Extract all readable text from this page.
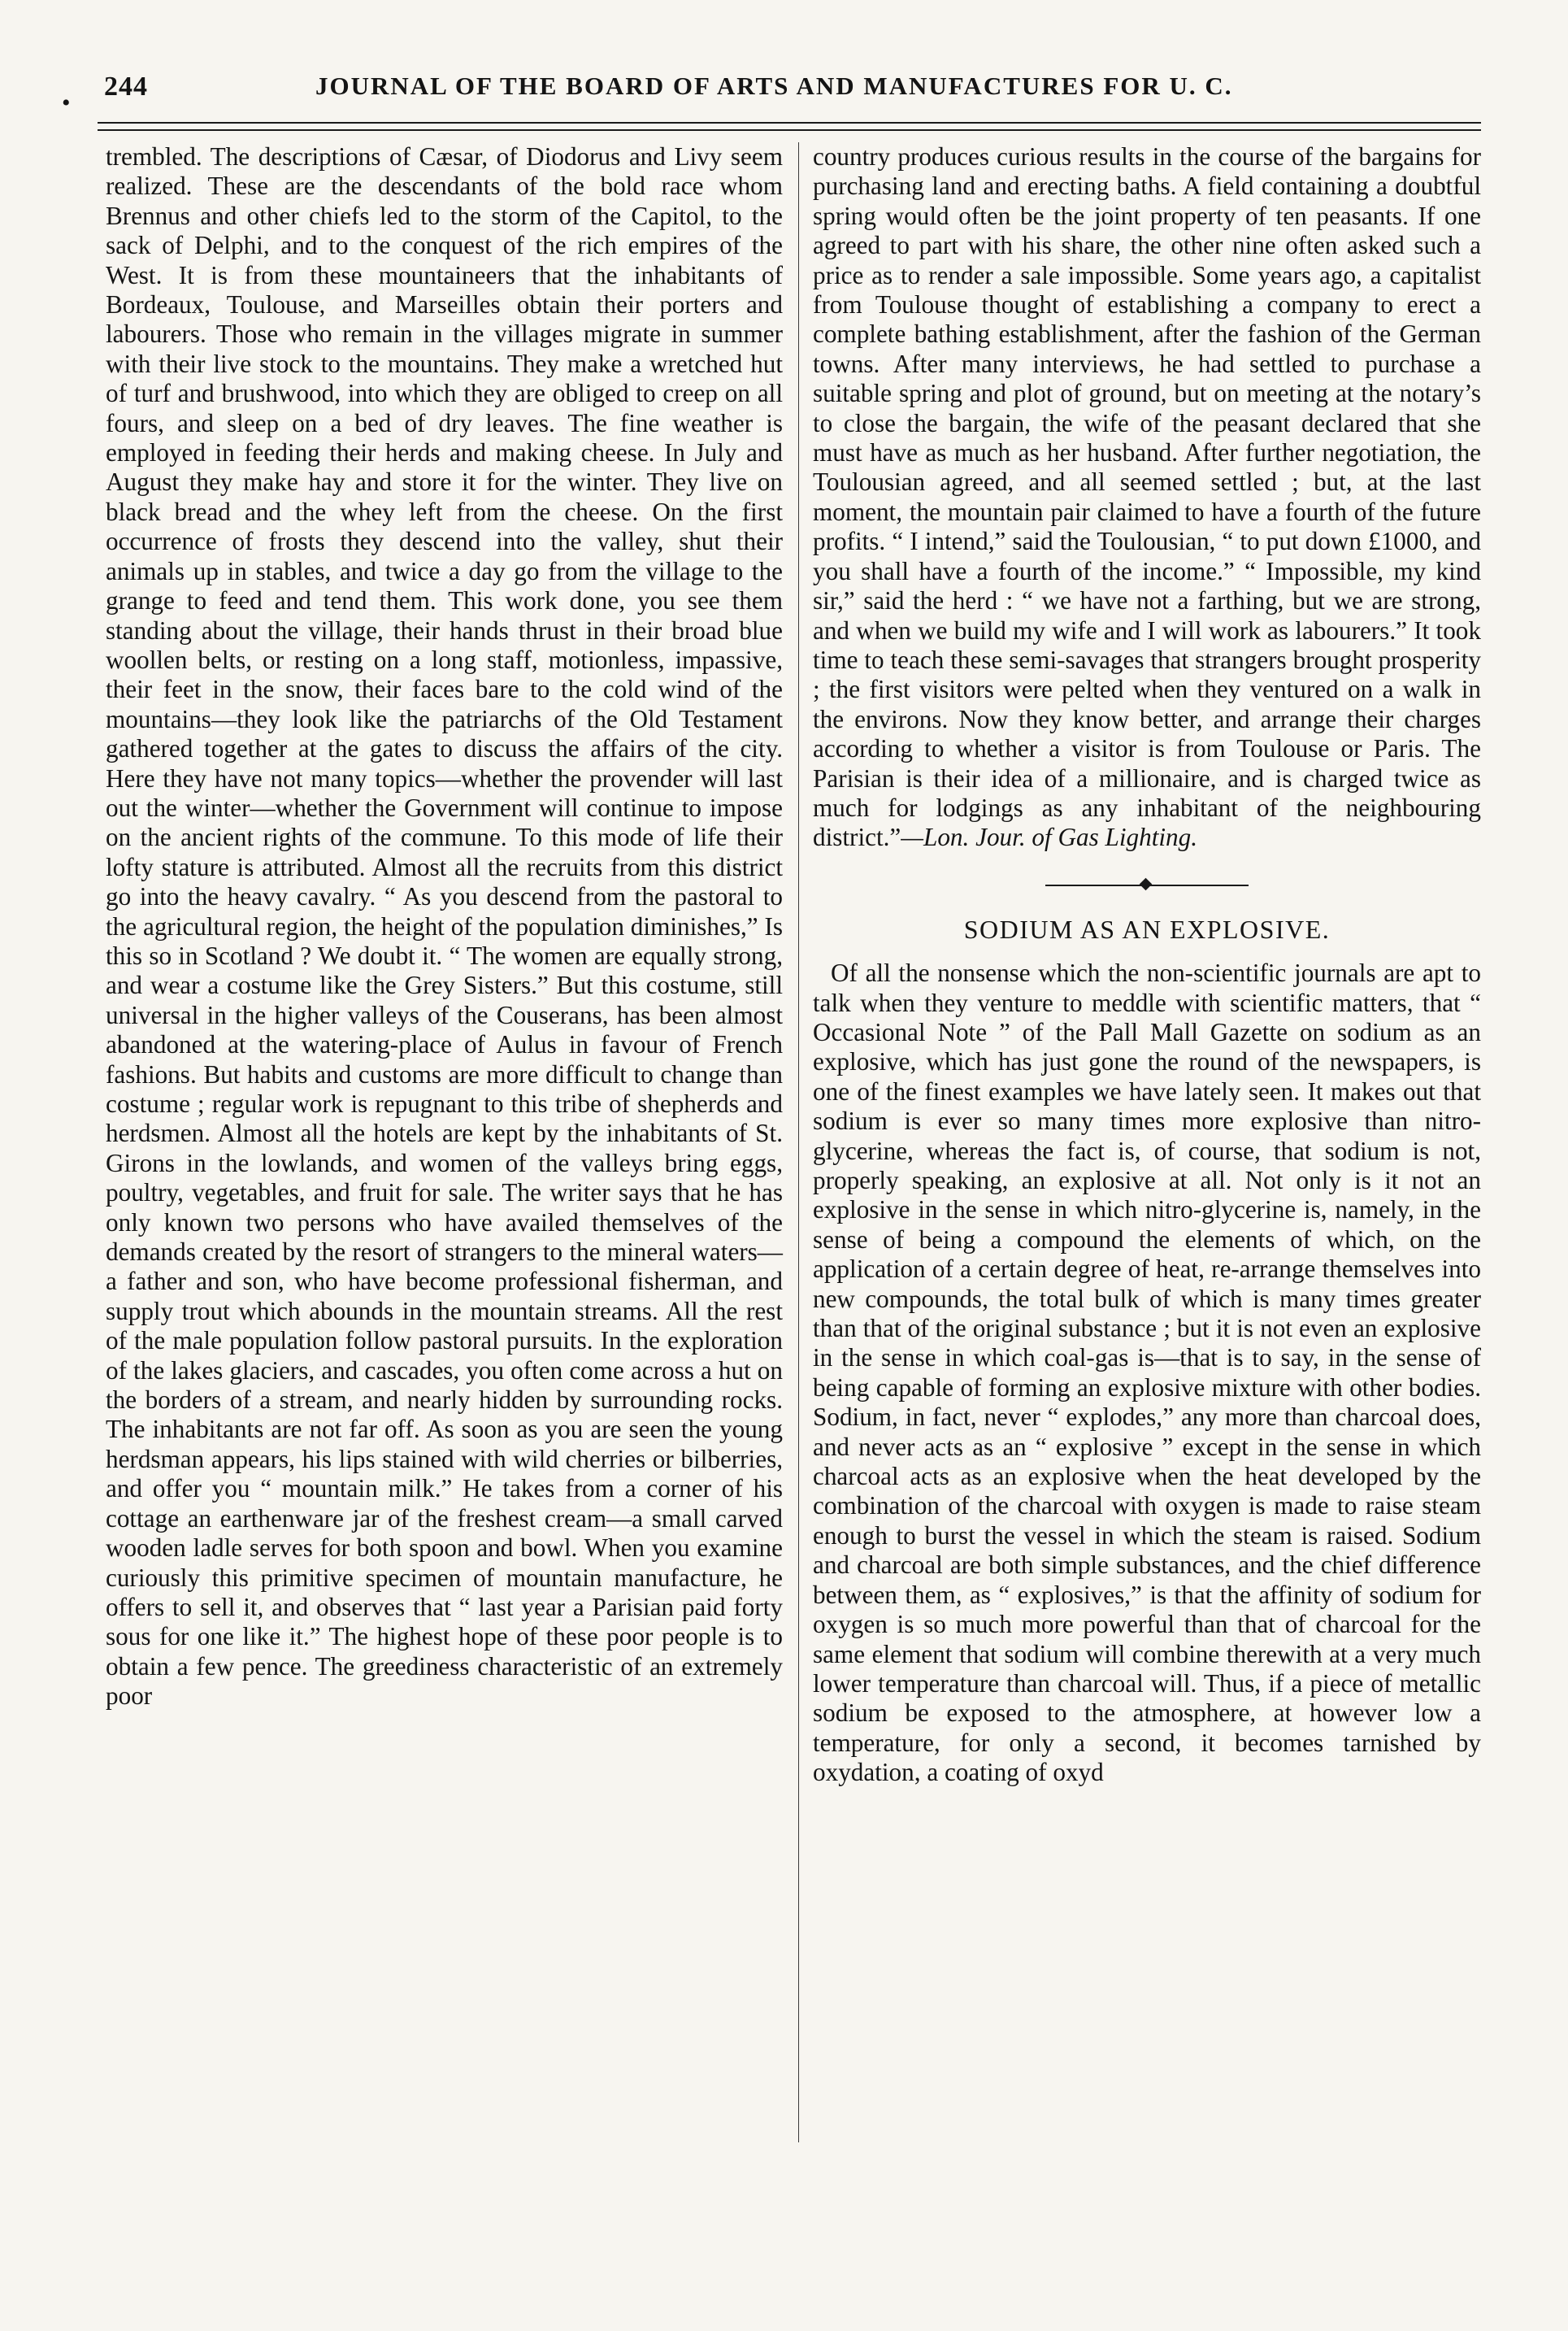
•
244	JOURNAL OF THE BOARD OF ARTS AND MANUFACTURES FOR U. C.

trembled. The descriptions of Cæsar, of Diodorus and Livy seem realized. These are the descendants of the bold race whom Brennus and other chiefs led to the storm of the Capitol, to the sack of Delphi, and to the conquest of the rich empires of the West. It is from these mountaineers that the inhabitants of Bordeaux, Toulouse, and Marseilles obtain their porters and labourers. Those who remain in the villages migrate in summer with their live stock to the mountains. They make a wretched hut of turf and brushwood, into which they are obliged to creep on all fours, and sleep on a bed of dry leaves. The fine weather is employed in feeding their herds and making cheese. In July and August they make hay and store it for the winter. They live on black bread and the whey left from the cheese. On the first occurrence of frosts they descend into the valley, shut their animals up in stables, and twice a day go from the village to the grange to feed and tend them. This work done, you see them standing about the village, their hands thrust in their broad blue woollen belts, or resting on a long staff, motionless, impassive, their feet in the snow, their faces bare to the cold wind of the mountains—they look like the patriarchs of the Old Testament gathered together at the gates to discuss the affairs of the city. Here they have not many topics—whether the provender will last out the winter—whether the Government will continue to impose on the ancient rights of the commune. To this mode of life their lofty stature is attributed. Almost all the recruits from this district go into the heavy cavalry. “ As you descend from the pastoral to the agricultural region, the height of the population diminishes,” Is this so in Scotland ? We doubt it. “ The women are equally strong, and wear a costume like the Grey Sisters.” But this costume, still universal in the higher valleys of the Couserans, has been almost abandoned at the watering-place of Aulus in favour of French fashions. But habits and customs are more difficult to change than costume ; regular work is repugnant to this tribe of shepherds and herdsmen. Almost all the hotels are kept by the inhabitants of St. Girons in the lowlands, and women of the valleys bring eggs, poultry, vegetables, and fruit for sale. The writer says that he has only known two persons who have availed themselves of the demands created by the resort of strangers to the mineral waters—a father and son, who have become professional fisherman, and supply trout which abounds in the mountain streams. All the rest of the male population follow pastoral pursuits. In the exploration of the lakes glaciers, and cascades, you often come across a hut on the borders of a stream, and nearly hidden by surrounding rocks. The inhabitants are not far off. As soon as you are seen the young herdsman appears, his lips stained with wild cherries or bilberries, and offer you “ mountain milk.” He takes from a corner of his cottage an earthenware jar of the freshest cream—a small carved wooden ladle serves for both spoon and bowl. When you examine curiously this primitive specimen of mountain manufacture, he offers to sell it, and observes that “ last year a Parisian paid forty sous for one like it.” The highest hope of these poor people is to obtain a few pence. The greediness characteristic of an extremely poor

country produces curious results in the course of the bargains for purchasing land and erecting baths. A field containing a doubtful spring would often be the joint property of ten peasants. If one agreed to part with his share, the other nine often asked such a price as to render a sale impossible. Some years ago, a capitalist from Toulouse thought of establishing a company to erect a complete bathing establishment, after the fashion of the German towns. After many interviews, he had settled to purchase a suitable spring and plot of ground, but on meeting at the notary’s to close the bargain, the wife of the peasant declared that she must have as much as her husband. After further negotiation, the Toulousian agreed, and all seemed settled ; but, at the last moment, the mountain pair claimed to have a fourth of the future profits. “ I intend,” said the Toulousian, “ to put down £1000, and you shall have a fourth of the income.” “ Impossible, my kind sir,” said the herd : “ we have not a farthing, but we are strong, and when we build my wife and I will work as labourers.” It took time to teach these semi-savages that strangers brought prosperity ; the first visitors were pelted when they ventured on a walk in the environs. Now they know better, and arrange their charges according to whether a visitor is from Toulouse or Paris. The Parisian is their idea of a millionaire, and is charged twice as much for lodgings as any inhabitant of the neighbouring district.”—Lon. Jour. of Gas Lighting.

SODIUM AS AN EXPLOSIVE.

Of all the nonsense which the non-scientific journals are apt to talk when they venture to meddle with scientific matters, that “ Occasional Note ” of the Pall Mall Gazette on sodium as an explosive, which has just gone the round of the newspapers, is one of the finest examples we have lately seen. It makes out that sodium is ever so many times more explosive than nitro-glycerine, whereas the fact is, of course, that sodium is not, properly speaking, an explosive at all. Not only is it not an explosive in the sense in which nitro-glycerine is, namely, in the sense of being a compound the elements of which, on the application of a certain degree of heat, re-arrange themselves into new compounds, the total bulk of which is many times greater than that of the original substance ; but it is not even an explosive in the sense in which coal-gas is—that is to say, in the sense of being capable of forming an explosive mixture with other bodies. Sodium, in fact, never “ explodes,” any more than charcoal does, and never acts as an “ explosive ” except in the sense in which charcoal acts as an explosive when the heat developed by the combination of the charcoal with oxygen is made to raise steam enough to burst the vessel in which the steam is raised. Sodium and charcoal are both simple substances, and the chief difference between them, as “ explosives,” is that the affinity of sodium for oxygen is so much more powerful than that of charcoal for the same element that sodium will combine therewith at a very much lower temperature than charcoal will. Thus, if a piece of metallic sodium be exposed to the atmosphere, at however low a temperature, for only a second, it becomes tarnished by oxydation, a coating of oxyd
